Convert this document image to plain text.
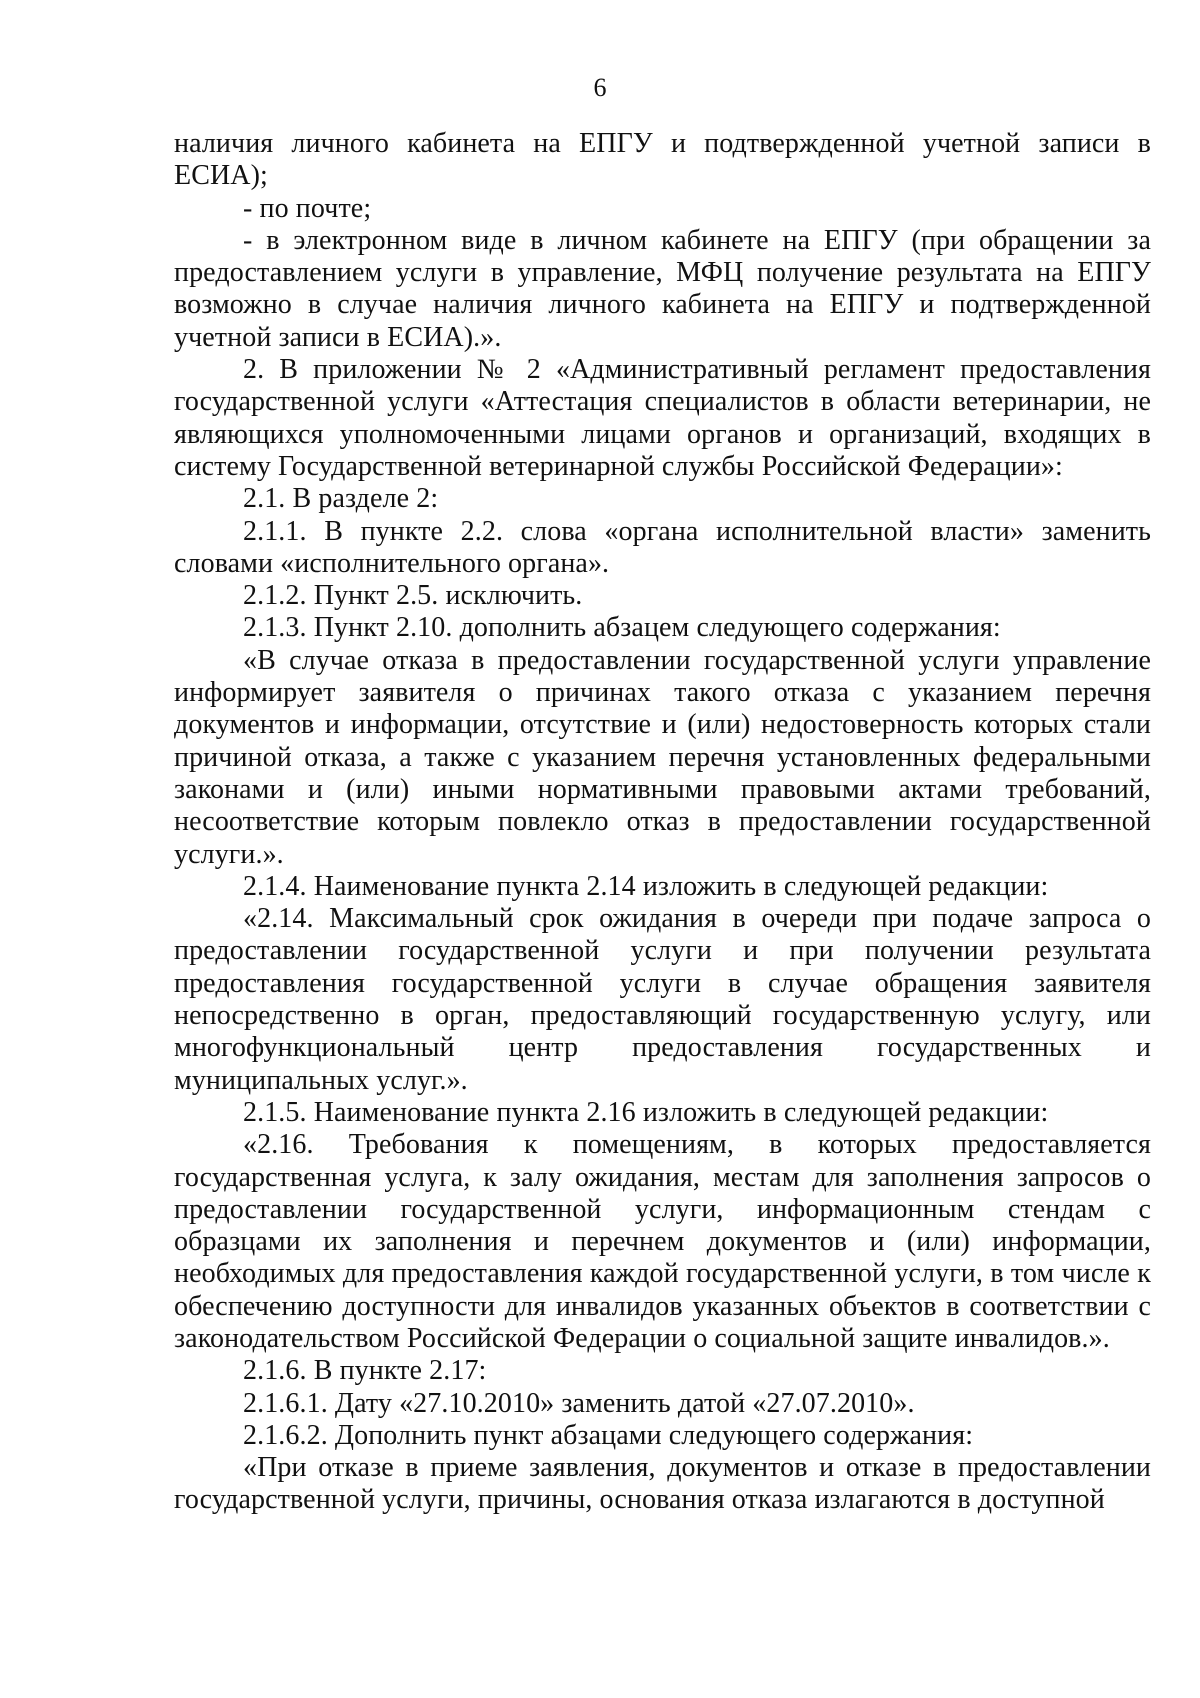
6

наличия личного кабинета на ЕПГУ и подтвержденной учетной записи в ЕСИА);

- по почте;

- в электронном виде в личном кабинете на ЕПГУ (при обращении за предоставлением услуги в управление, МФЦ получение результата на ЕПГУ возможно в случае наличия личного кабинета на ЕПГУ и подтвержденной учетной записи в ЕСИА).».

2. В приложении № 2 «Административный регламент предоставления государственной услуги «Аттестация специалистов в области ветеринарии, не являющихся уполномоченными лицами органов и организаций, входящих в систему Государственной ветеринарной службы Российской Федерации»:

2.1. В разделе 2:

2.1.1. В пункте 2.2. слова «органа исполнительной власти» заменить словами «исполнительного органа».

2.1.2. Пункт 2.5. исключить.

2.1.3. Пункт 2.10. дополнить абзацем следующего содержания:

«В случае отказа в предоставлении государственной услуги управление информирует заявителя о причинах такого отказа с указанием перечня документов и информации, отсутствие и (или) недостоверность которых стали причиной отказа, а также с указанием перечня установленных федеральными законами и (или) иными нормативными правовыми актами требований, несоответствие которым повлекло отказ в предоставлении государственной услуги.».

2.1.4. Наименование пункта 2.14 изложить в следующей редакции:

«2.14. Максимальный срок ожидания в очереди при подаче запроса о предоставлении государственной услуги и при получении результата предоставления государственной услуги в случае обращения заявителя непосредственно в орган, предоставляющий государственную услугу, или многофункциональный центр предоставления государственных и муниципальных услуг.».

2.1.5. Наименование пункта 2.16 изложить в следующей редакции:

«2.16. Требования к помещениям, в которых предоставляется государственная услуга, к залу ожидания, местам для заполнения запросов о предоставлении государственной услуги, информационным стендам с образцами их заполнения и перечнем документов и (или) информации, необходимых для предоставления каждой государственной услуги, в том числе к обеспечению доступности для инвалидов указанных объектов в соответствии с законодательством Российской Федерации о социальной защите инвалидов.».

2.1.6. В пункте 2.17:

2.1.6.1. Дату «27.10.2010» заменить датой «27.07.2010».

2.1.6.2. Дополнить пункт абзацами следующего содержания:

«При отказе в приеме заявления, документов и отказе в предоставлении государственной услуги, причины, основания отказа излагаются в доступной
